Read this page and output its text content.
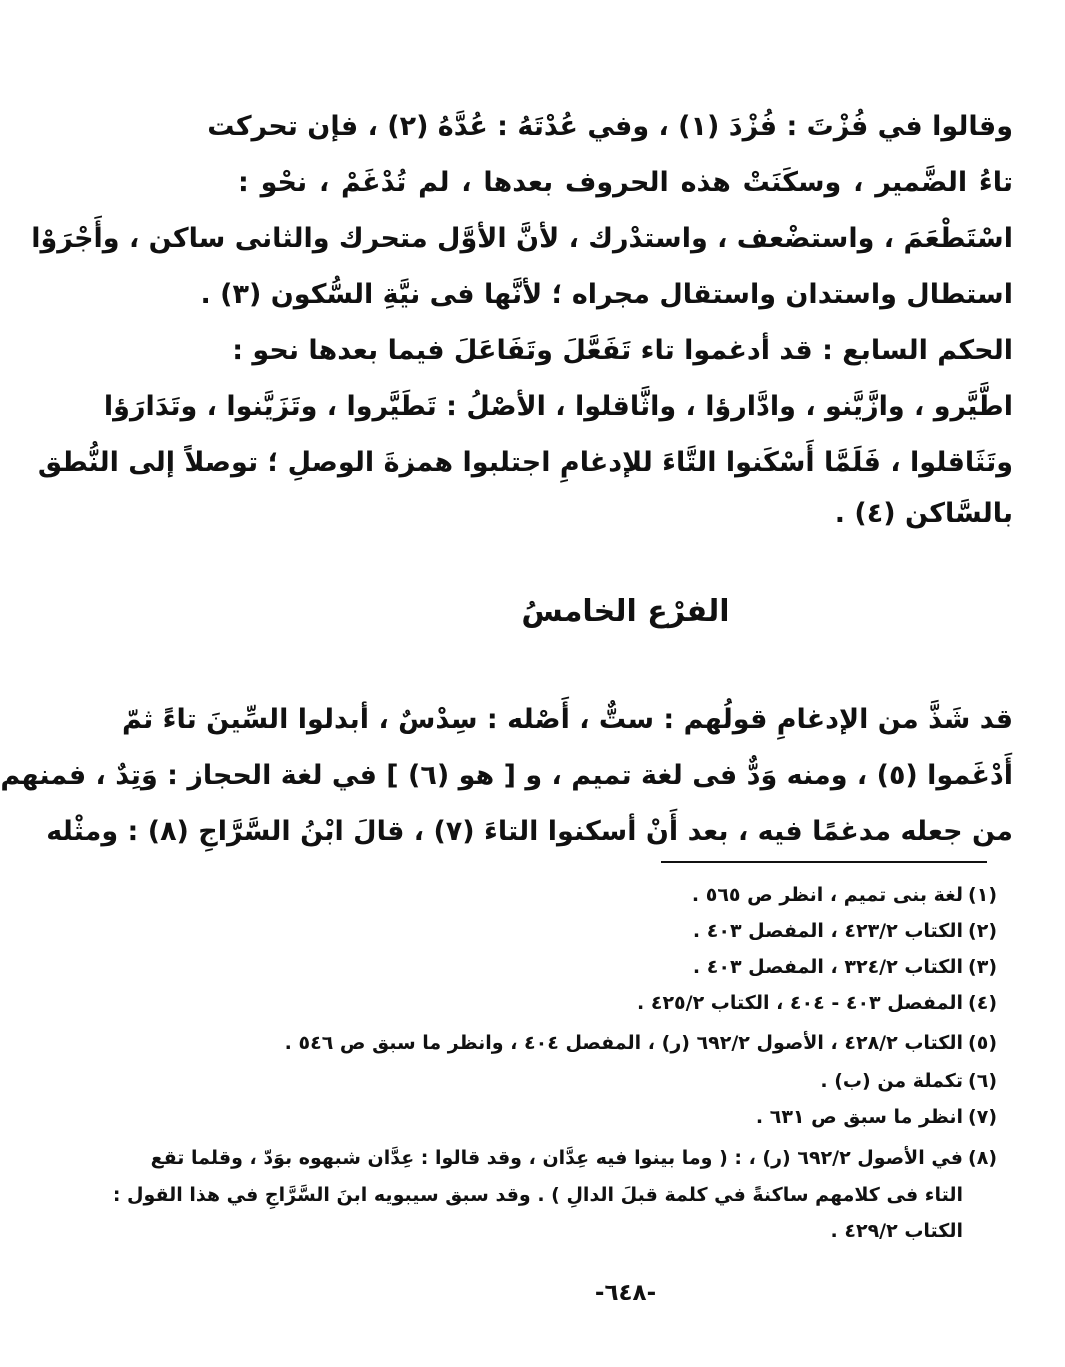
وقالوا في فُزْتَ : فُزْدَ (١) ، وفي عُدْتَهُ : عُدَّهُ (٢) ، فإن تحركت
تاءُ الضَّمير ، وسكَنَتْ هذه الحروف بعدها ، لم تُدْغَمْ ، نحْو :
اسْتَطْعَمَ ، واستضْعف ، واستدْرك ، لأنَّ الأوَّل متحرك والثانى ساكن ، وأَجْرَوْا
استطال واستدان واستقال مجراه ؛ لأنَّها فى نيَّةِ السُّكون (٣) .
الحكم السابع : قد أدغموا تاء تَفَعَّلَ وتَفَاعَلَ فيما بعدها نحو :
اطَّيَّرو ، وازَّيَّنو ، وادَّارؤا ، واثَّاقلوا ، الأصْلُ : تَطَيَّروا ، وتَزَيَّنوا ، وتَدَارَؤا
وتَثَاقلوا ، فَلَمَّا أَسْكَنوا التَّاءَ للإدغامِ اجتلبوا همزةَ الوصلِ ؛ توصلاً إلى النُّطق
بالسَّاكن (٤) .
الفرْع الخامسُ
قد شَذَّ من الإدغامِ قولُهم : ستٌّ ، أَصْله : سِدْسٌ ، أبدلوا السِّينَ تاءً ثمّ
أَدْغَموا (٥) ، ومنه وَدٌّ فى لغة تميم ، و [ هو (٦) ] في لغة الحجاز : وَتِدٌ ، فمنهم
من جعله مدغمًا فيه ، بعد أَنْ أسكنوا التاءَ (٧) ، قالَ ابْنُ السَّرَّاجِ (٨) : ومثْله
(١)لغة بنى تميم ، انظر ص ٥٦٥ .
(٢)الكتاب ٤٢٣/٢ ، المفصل ٤٠٣ .
(٣)الكتاب ٣٢٤/٢ ، المفصل ٤٠٣ .
(٤)المفصل ٤٠٣ - ٤٠٤ ، الكتاب ٤٢٥/٢ .
(٥)الكتاب ٤٢٨/٢ ، الأصول ٦٩٢/٢ (ر) ، المفصل ٤٠٤ ، وانظر ما سبق ص ٥٤٦ .
(٦)تكملة من (ب) .
(٧)انظر ما سبق ص ٦٣١ .
(٨)في الأصول ٦٩٢/٢ (ر) ، : ( وما بينوا فيه عِدَّان ، وقد قالوا : عِدَّان شبهوه بوَدّ ، وقلما تقع
التاء فى كلامهم ساكنةً في كلمة قبلَ الدالِ ) . وقد سبق سيبويه ابنَ السَّرَّاجِ في هذا القول :
الكتاب ٤٢٩/٢ .
-٦٤٨-
